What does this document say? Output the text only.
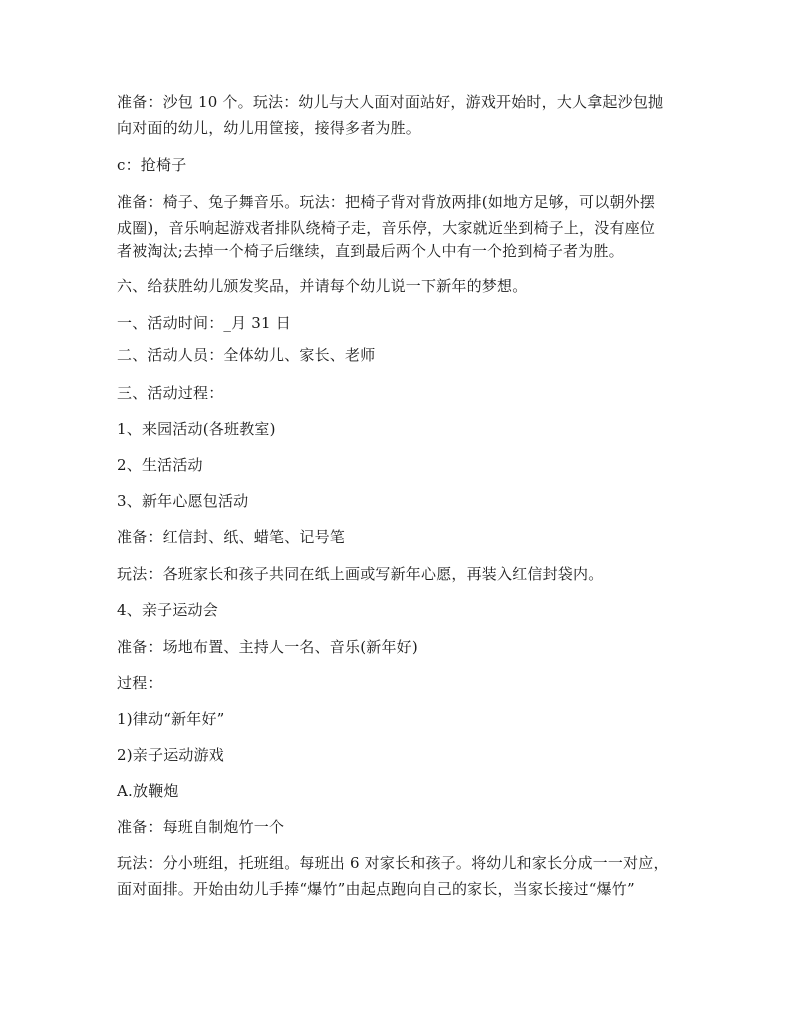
准备：沙包 10 个。玩法：幼儿与大人面对面站好，游戏开始时，大人拿起沙包抛
向对面的幼儿，幼儿用筐接，接得多者为胜。
c：抢椅子
准备：椅子、兔子舞音乐。玩法：把椅子背对背放两排(如地方足够，可以朝外摆
成圈)，音乐响起游戏者排队绕椅子走，音乐停，大家就近坐到椅子上，没有座位
者被淘汰;去掉一个椅子后继续，直到最后两个人中有一个抢到椅子者为胜。
六、给获胜幼儿颁发奖品，并请每个幼儿说一下新年的梦想。
一、活动时间：_月 31 日
二、活动人员：全体幼儿、家长、老师
三、活动过程：
1、来园活动(各班教室)
2、生活活动
3、新年心愿包活动
准备：红信封、纸、蜡笔、记号笔
玩法：各班家长和孩子共同在纸上画或写新年心愿，再装入红信封袋内。
4、亲子运动会
准备：场地布置、主持人一名、音乐(新年好)
过程：
1)律动“新年好”
2)亲子运动游戏
A.放鞭炮
准备：每班自制炮竹一个
玩法：分小班组，托班组。每班出 6 对家长和孩子。将幼儿和家长分成一一对应，
面对面排。开始由幼儿手捧“爆竹”由起点跑向自己的家长，当家长接过“爆竹”
